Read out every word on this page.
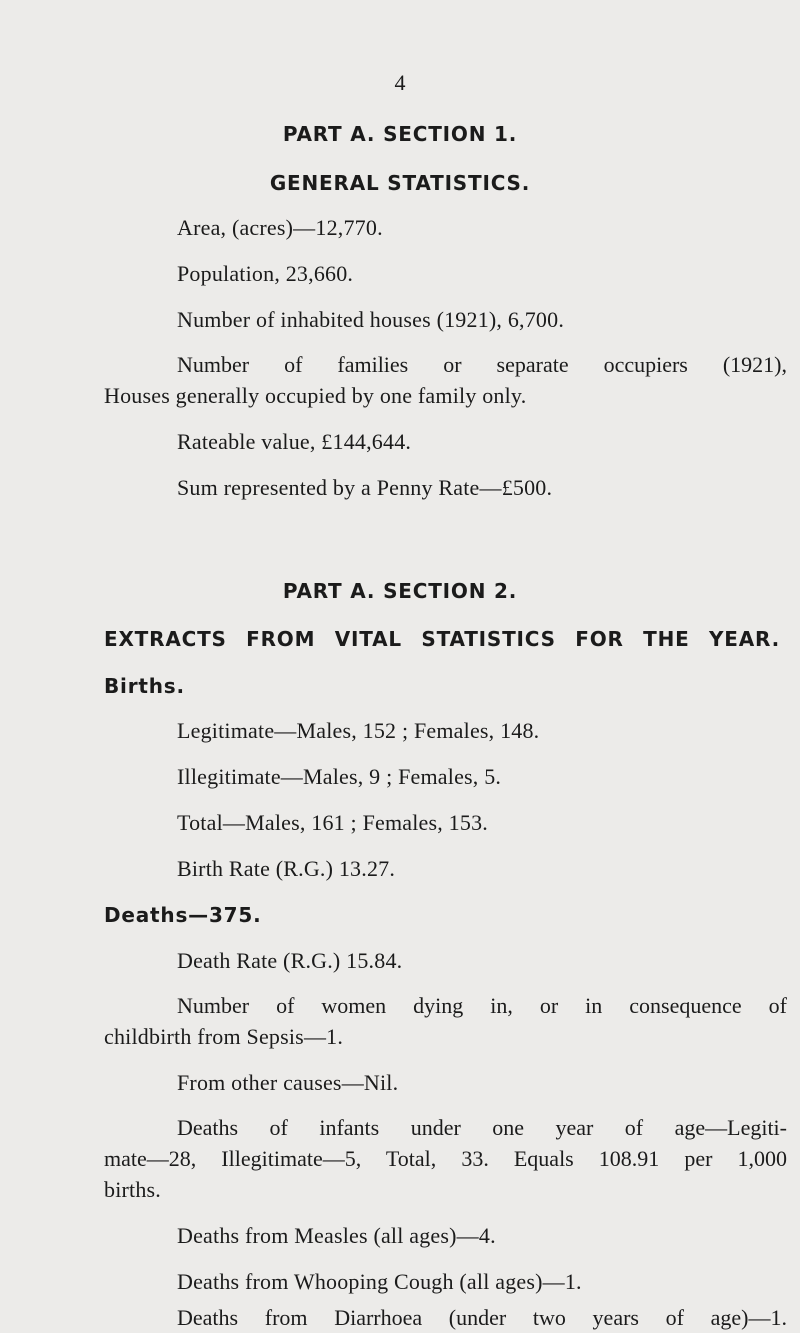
4
PART A. SECTION 1.
GENERAL STATISTICS.
Area, (acres)—12,770.
Population, 23,660.
Number of inhabited houses (1921), 6,700.
Number of families or separate occupiers (1921),
Houses generally occupied by one family only.
Rateable value, £144,644.
Sum represented by a Penny Rate—£500.
PART A. SECTION 2.
EXTRACTS FROM VITAL STATISTICS FOR THE YEAR.
Births.
Legitimate—Males, 152 ; Females, 148.
Illegitimate—Males, 9 ; Females, 5.
Total—Males, 161 ; Females, 153.
Birth Rate (R.G.) 13.27.
Deaths—375.
Death Rate (R.G.) 15.84.
Number of women dying in, or in consequence of
childbirth from Sepsis—1.
From other causes—Nil.
Deaths of infants under one year of age—Legiti-
mate—28, Illegitimate—5, Total, 33. Equals 108.91 per 1,000
births.
Deaths from Measles (all ages)—4.
Deaths from Whooping Cough (all ages)—1.
Deaths from Diarrhoea (under two years of age)—1.
